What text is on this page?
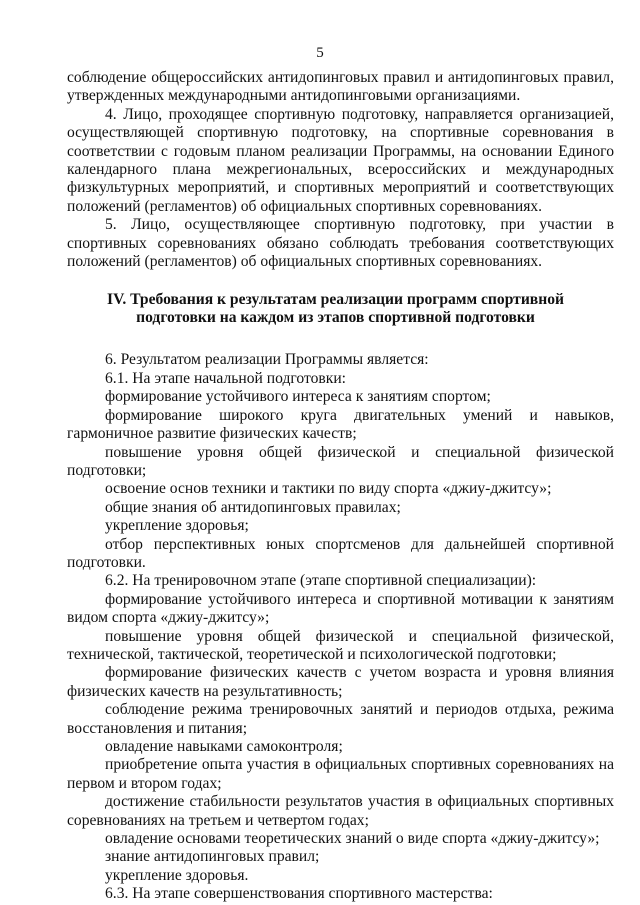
5

соблюдение общероссийских антидопинговых правил и антидопинговых правил, утвержденных международными антидопинговыми организациями.

4. Лицо, проходящее спортивную подготовку, направляется организацией, осуществляющей спортивную подготовку, на спортивные соревнования в соответствии с годовым планом реализации Программы, на основании Единого календарного плана межрегиональных, всероссийских и международных физкультурных мероприятий, и спортивных мероприятий и соответствующих положений (регламентов) об официальных спортивных соревнованиях.

5. Лицо, осуществляющее спортивную подготовку, при участии в спортивных соревнованиях обязано соблюдать требования соответствующих положений (регламентов) об официальных спортивных соревнованиях.

IV. Требования к результатам реализации программ спортивной
подготовки на каждом из этапов спортивной подготовки

6. Результатом реализации Программы является:

6.1. На этапе начальной подготовки:

формирование устойчивого интереса к занятиям спортом;

формирование широкого круга двигательных умений и навыков, гармоничное развитие физических качеств;

повышение уровня общей физической и специальной физической подготовки;

освоение основ техники и тактики по виду спорта «джиу-джитсу»;

общие знания об антидопинговых правилах;

укрепление здоровья;

отбор перспективных юных спортсменов для дальнейшей спортивной подготовки.

6.2. На тренировочном этапе (этапе спортивной специализации):

формирование устойчивого интереса и спортивной мотивации к занятиям видом спорта «джиу-джитсу»;

повышение уровня общей физической и специальной физической, технической, тактической, теоретической и психологической подготовки;

формирование физических качеств с учетом возраста и уровня влияния физических качеств на результативность;

соблюдение режима тренировочных занятий и периодов отдыха, режима восстановления и питания;

овладение навыками самоконтроля;

приобретение опыта участия в официальных спортивных соревнованиях на первом и втором годах;

достижение стабильности результатов участия в официальных спортивных соревнованиях на третьем и четвертом годах;

овладение основами теоретических знаний о виде спорта «джиу-джитсу»;

знание антидопинговых правил;

укрепление здоровья.

6.3. На этапе совершенствования спортивного мастерства:
